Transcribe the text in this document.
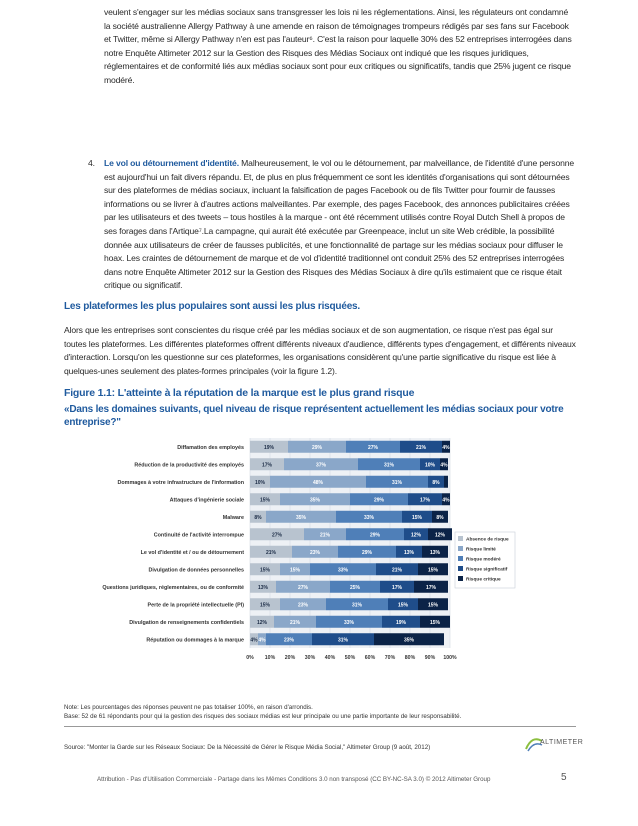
veulent s'engager sur les médias sociaux sans transgresser les lois ni les réglementations. Ainsi, les régulateurs ont condamné la société australienne Allergy Pathway à une amende en raison de témoignages trompeurs rédigés par ses fans sur Facebook et Twitter, même si Allergy Pathway n'en est pas l'auteur⁶. C'est la raison pour laquelle 30% des 52 entreprises interrogées dans notre Enquête Altimeter 2012 sur la Gestion des Risques des Médias Sociaux ont indiqué que les risques juridiques, réglementaires et de conformité liés aux médias sociaux sont pour eux critiques ou significatifs, tandis que 25% jugent ce risque modéré.
4. Le vol ou détournement d'identité. Malheureusement, le vol ou le détournement, par malveillance, de l'identité d'une personne est aujourd'hui un fait divers répandu. Et, de plus en plus fréquemment ce sont les identités d'organisations qui sont détournées sur des plateformes de médias sociaux, incluant la falsification de pages Facebook ou de fils Twitter pour fournir de fausses informations ou se livrer à d'autres actions malveillantes. Par exemple, des pages Facebook, des annonces publicitaires créées par les utilisateurs et des tweets – tous hostiles à la marque - ont été récemment utilisés contre Royal Dutch Shell à propos de ses forages dans l'Artique⁷.La campagne, qui aurait été exécutée par Greenpeace, inclut un site Web crédible, la possibilité donnée aux utilisateurs de créer de fausses publicités, et une fonctionnalité de partage sur les médias sociaux pour diffuser le hoax. Les craintes de détournement de marque et de vol d'identité traditionnel ont conduit 25% des 52 entreprises interrogées dans notre Enquête Altimeter 2012 sur la Gestion des Risques des Médias Sociaux à dire qu'ils estimaient que ce risque était critique ou significatif.
Les plateformes les plus populaires sont aussi les plus risquées.
Alors que les entreprises sont conscientes du risque créé par les médias sociaux et de son augmentation, ce risque n'est pas égal sur toutes les plateformes. Les différentes plateformes offrent différents niveaux d'audience, différents types d'engagement, et différents niveaux d'interaction. Lorsqu'on les questionne sur ces plateformes, les organisations considèrent qu'une partie significative du risque est liée à quelques-unes seulement des plates-formes principales (voir la figure 1.2).
Figure 1.1: L'atteinte à la réputation de la marque est le plus grand risque
«Dans les domaines suivants, quel niveau de risque représentent actuellement les médias sociaux pour votre entreprise?"
0% 10% 20% 30% 40% 50% 60% 70% 80% 90% 100%
Diffamation des employés	19%	29%	27%	21%	4%
Réduction de la productivité des employés	17%	37%	31%	10% 4%
Dommages à votre infrastructure de l'information 10%	48%	31%	8%
Attaques d'ingénierie sociale	15%	35%	29%	17% 4%
Malware 8%	35%	33%	15%	8%
Continuité de l'activité interrompue	27%	21%	29%	12%	12%
Le vol d'identité et / ou de détournement	21%	23%	29%	13%	13%
Divulgation de données personnelles	15%	15%	33%	21%	15%
Questions juridiques, réglementaires, ou de conformité	13%	27%	25%	17%	17%
Perte de la propriété intellectuelle (PI)	15%	23%	31%	15%	15%
Divulgation de renseignements confidentiels	12%	21%	33%	19%	15%
Réputation ou dommages à la marque 4% 4%	23%	31%	35%
Absence de risque
Risque limité
Risque modéré
Risque significatif
Risque critique
Note: Les pourcentages des réponses peuvent ne pas totaliser 100%, en raison d'arrondis.
Base: 52 de 61 répondants pour qui la gestion des risques des sociaux médias est leur principale ou une partie importante de leur responsabilité.
Source: "Monter la Garde sur les Réseaux Sociaux: De la Nécessité de Gérer le Risque Média Social," Altimeter Group (9 août, 2012)
ALTIMETER
Attribution - Pas d'Utilisation Commerciale - Partage dans les Mêmes Conditions 3.0 non transposé (CC BY-NC-SA 3.0) © 2012 Altimeter Group	5
